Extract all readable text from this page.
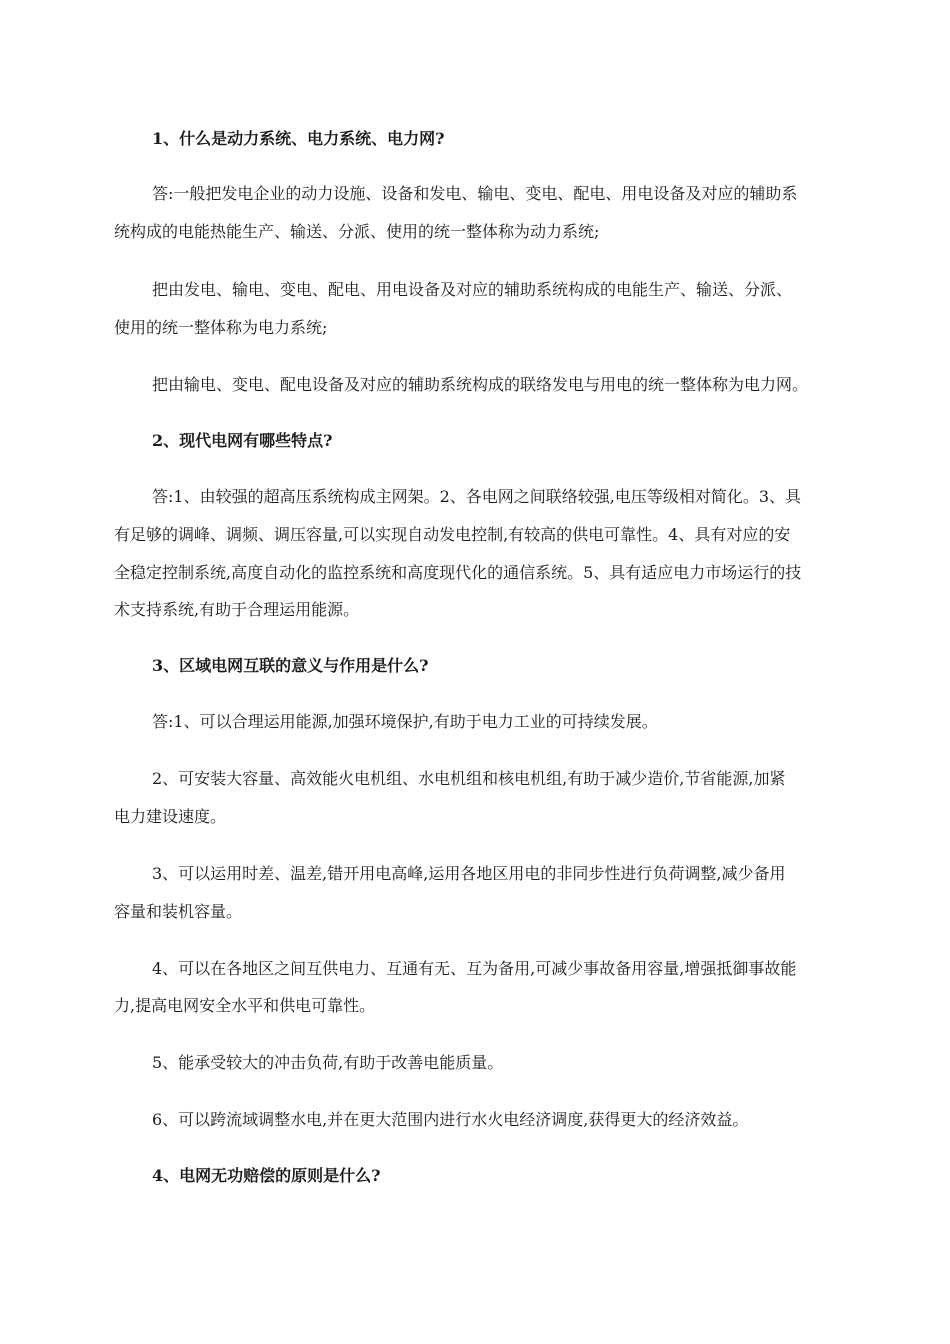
1、什么是动力系统、电力系统、电力网?
答:一般把发电企业的动力设施、设备和发电、输电、变电、配电、用电设备及对应的辅助系
统构成的电能热能生产、输送、分派、使用的统一整体称为动力系统;
把由发电、输电、变电、配电、用电设备及对应的辅助系统构成的电能生产、输送、分派、
使用的统一整体称为电力系统;
把由输电、变电、配电设备及对应的辅助系统构成的联络发电与用电的统一整体称为电力网。
2、现代电网有哪些特点?
答:1、由较强的超高压系统构成主网架。2、各电网之间联络较强,电压等级相对简化。3、具
有足够的调峰、调频、调压容量,可以实现自动发电控制,有较高的供电可靠性。4、具有对应的安
全稳定控制系统,高度自动化的监控系统和高度现代化的通信系统。5、具有适应电力市场运行的技
术支持系统,有助于合理运用能源。
3、区域电网互联的意义与作用是什么?
答:1、可以合理运用能源,加强环境保护,有助于电力工业的可持续发展。
2、可安装大容量、高效能火电机组、水电机组和核电机组,有助于减少造价,节省能源,加紧
电力建设速度。
3、可以运用时差、温差,错开用电高峰,运用各地区用电的非同步性进行负荷调整,减少备用
容量和装机容量。
4、可以在各地区之间互供电力、互通有无、互为备用,可减少事故备用容量,增强抵御事故能
力,提高电网安全水平和供电可靠性。
5、能承受较大的冲击负荷,有助于改善电能质量。
6、可以跨流域调整水电,并在更大范围内进行水火电经济调度,获得更大的经济效益。
4、电网无功赔偿的原则是什么?
